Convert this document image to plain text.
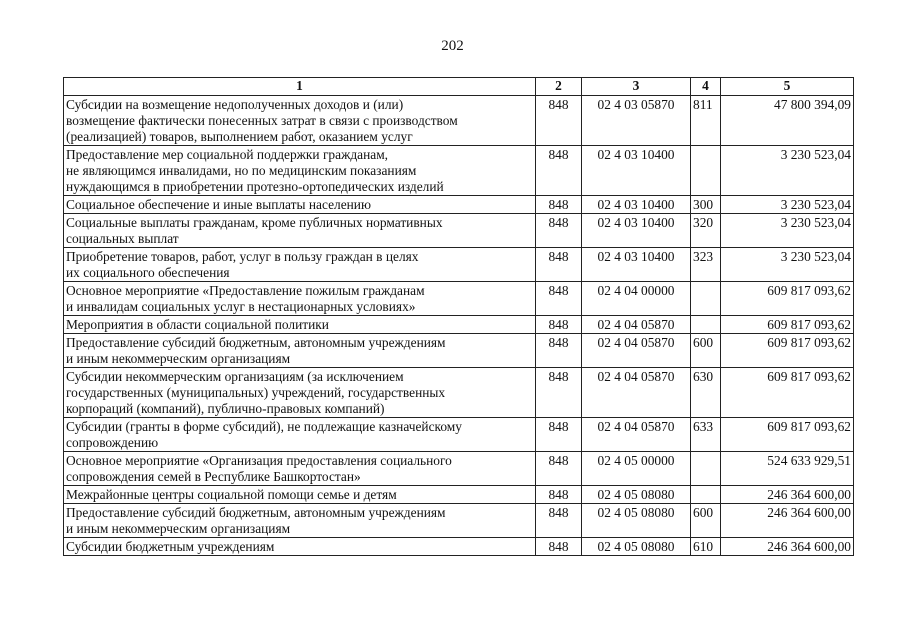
202
1	2	3	4	5
Субсидии на возмещение недополученных доходов и (или)
возмещение фактически понесенных затрат в связи с производством
(реализацией) товаров, выполнением работ, оказанием услуг	848	02 4 03 05870	811	47 800 394,09
Предоставление мер социальной поддержки гражданам,
не являющимся инвалидами, но по медицинским показаниям
нуждающимся в приобретении протезно-ортопедических изделий	848	02 4 03 10400		3 230 523,04
Социальное обеспечение и иные выплаты населению	848	02 4 03 10400	300	3 230 523,04
Социальные выплаты гражданам, кроме публичных нормативных
социальных выплат	848	02 4 03 10400	320	3 230 523,04
Приобретение товаров, работ, услуг в пользу граждан в целях
их социального обеспечения	848	02 4 03 10400	323	3 230 523,04
Основное мероприятие «Предоставление пожилым гражданам
и инвалидам социальных услуг в нестационарных условиях»	848	02 4 04 00000		609 817 093,62
Мероприятия в области социальной политики	848	02 4 04 05870		609 817 093,62
Предоставление субсидий бюджетным, автономным учреждениям
и иным некоммерческим организациям	848	02 4 04 05870	600	609 817 093,62
Субсидии некоммерческим организациям (за исключением
государственных (муниципальных) учреждений, государственных
корпораций (компаний), публично-правовых компаний)	848	02 4 04 05870	630	609 817 093,62
Субсидии (гранты в форме субсидий), не подлежащие казначейскому
сопровождению	848	02 4 04 05870	633	609 817 093,62
Основное мероприятие «Организация предоставления социального
сопровождения семей в Республике Башкортостан»	848	02 4 05 00000		524 633 929,51
Межрайонные центры социальной помощи семье и детям	848	02 4 05 08080		246 364 600,00
Предоставление субсидий бюджетным, автономным учреждениям
и иным некоммерческим организациям	848	02 4 05 08080	600	246 364 600,00
Субсидии бюджетным учреждениям	848	02 4 05 08080	610	246 364 600,00
